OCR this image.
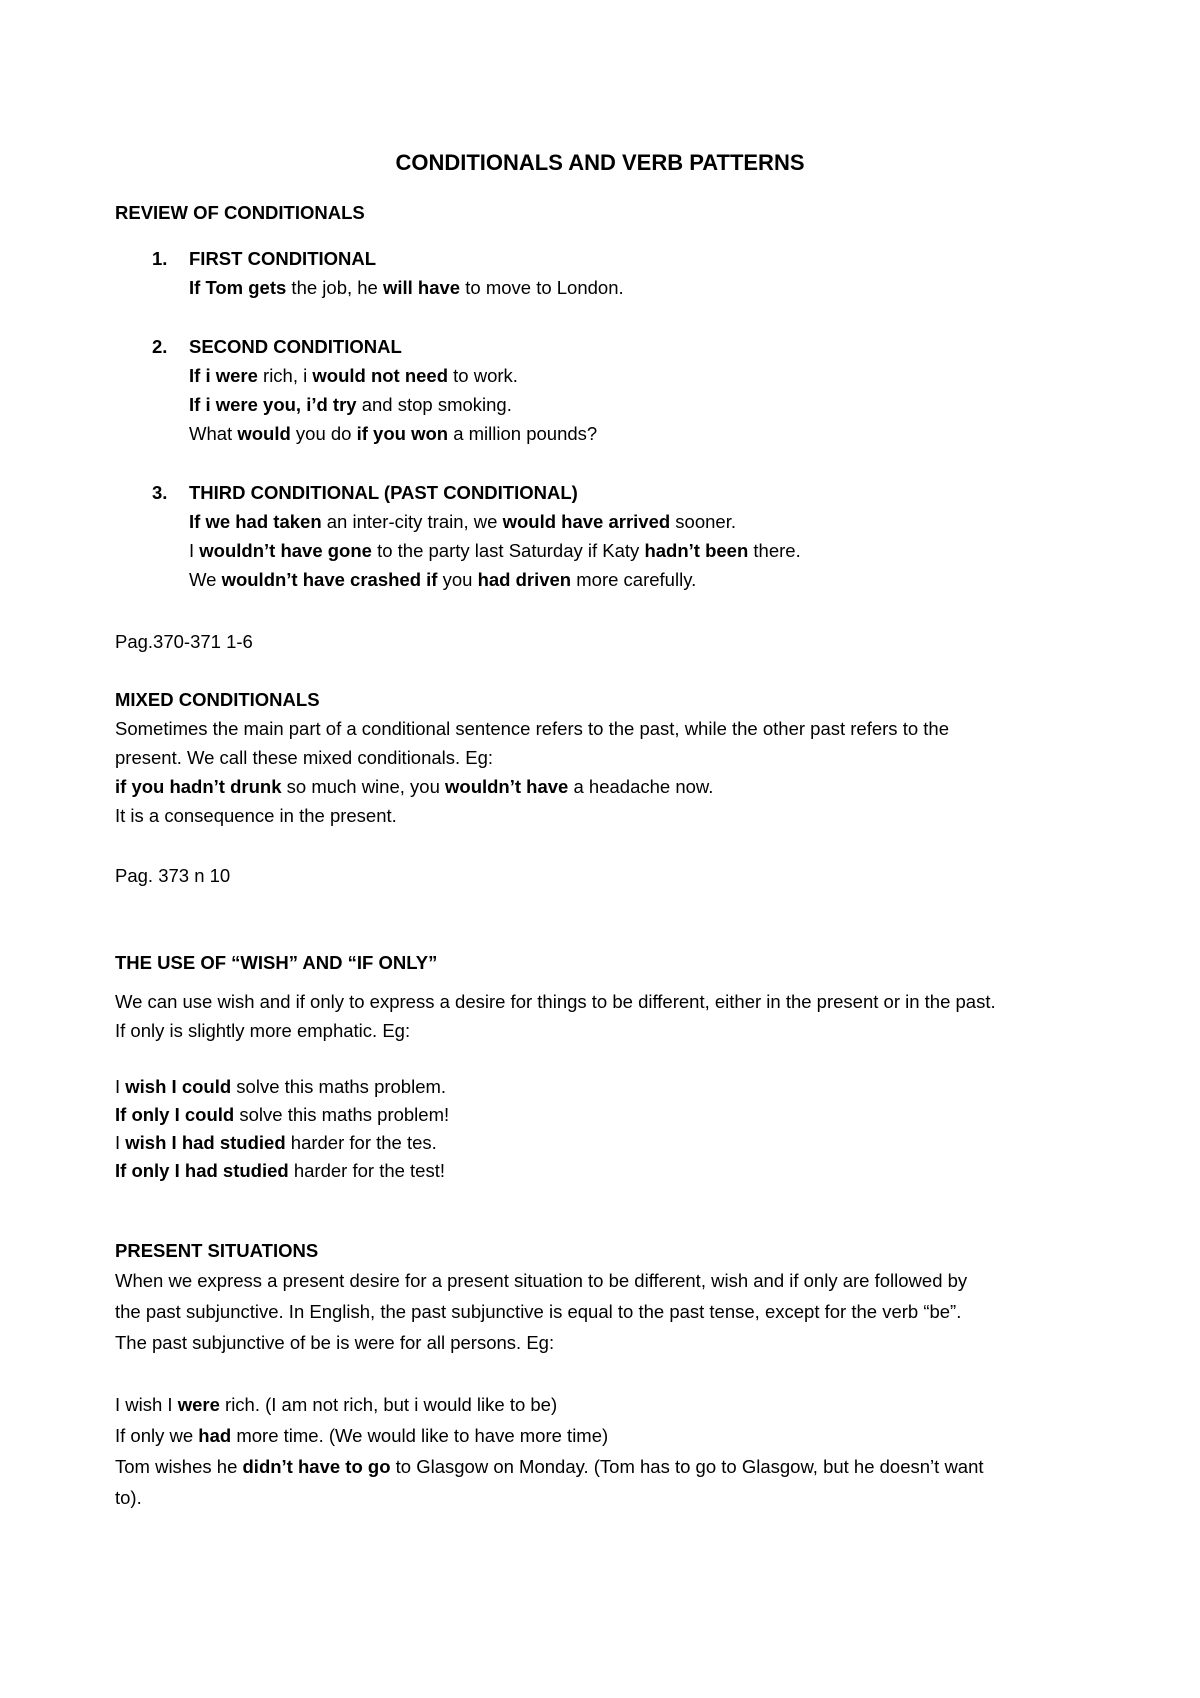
CONDITIONALS AND VERB PATTERNS
REVIEW OF CONDITIONALS
1. FIRST CONDITIONAL
If Tom gets the job, he will have to move to London.
2. SECOND CONDITIONAL
If i were rich, i would not need to work.
If i were you, i’d try and stop smoking.
What would you do if you won a million pounds?
3. THIRD CONDITIONAL (PAST CONDITIONAL)
If we had taken an inter-city train, we would have arrived sooner.
I wouldn’t have gone to the party last Saturday if Katy hadn’t been there.
We wouldn’t have crashed if you had driven more carefully.
Pag.370-371 1-6
MIXED CONDITIONALS
Sometimes the main part of a conditional sentence refers to the past, while the other past refers to the
present. We call these mixed conditionals. Eg:
if you hadn’t drunk so much wine, you wouldn’t have a headache now.
It is a consequence in the present.
Pag. 373 n 10
THE USE OF “WISH” AND “IF ONLY”
We can use wish and if only to express a desire for things to be different, either in the present or in the past.
If only is slightly more emphatic. Eg:
I wish I could solve this maths problem.
If only I could solve this maths problem!
I wish I had studied harder for the tes.
If only I had studied harder for the test!
PRESENT SITUATIONS
When we express a present desire for a present situation to be different, wish and if only are followed by
the past subjunctive. In English, the past subjunctive is equal to the past tense, except for the verb “be”.
The past subjunctive of be is were for all persons. Eg:
I wish I were rich. (I am not rich, but i would like to be)
If only we had more time. (We would like to have more time)
Tom wishes he didn’t have to go to Glasgow on Monday. (Tom has to go to Glasgow, but he doesn’t want
to).
